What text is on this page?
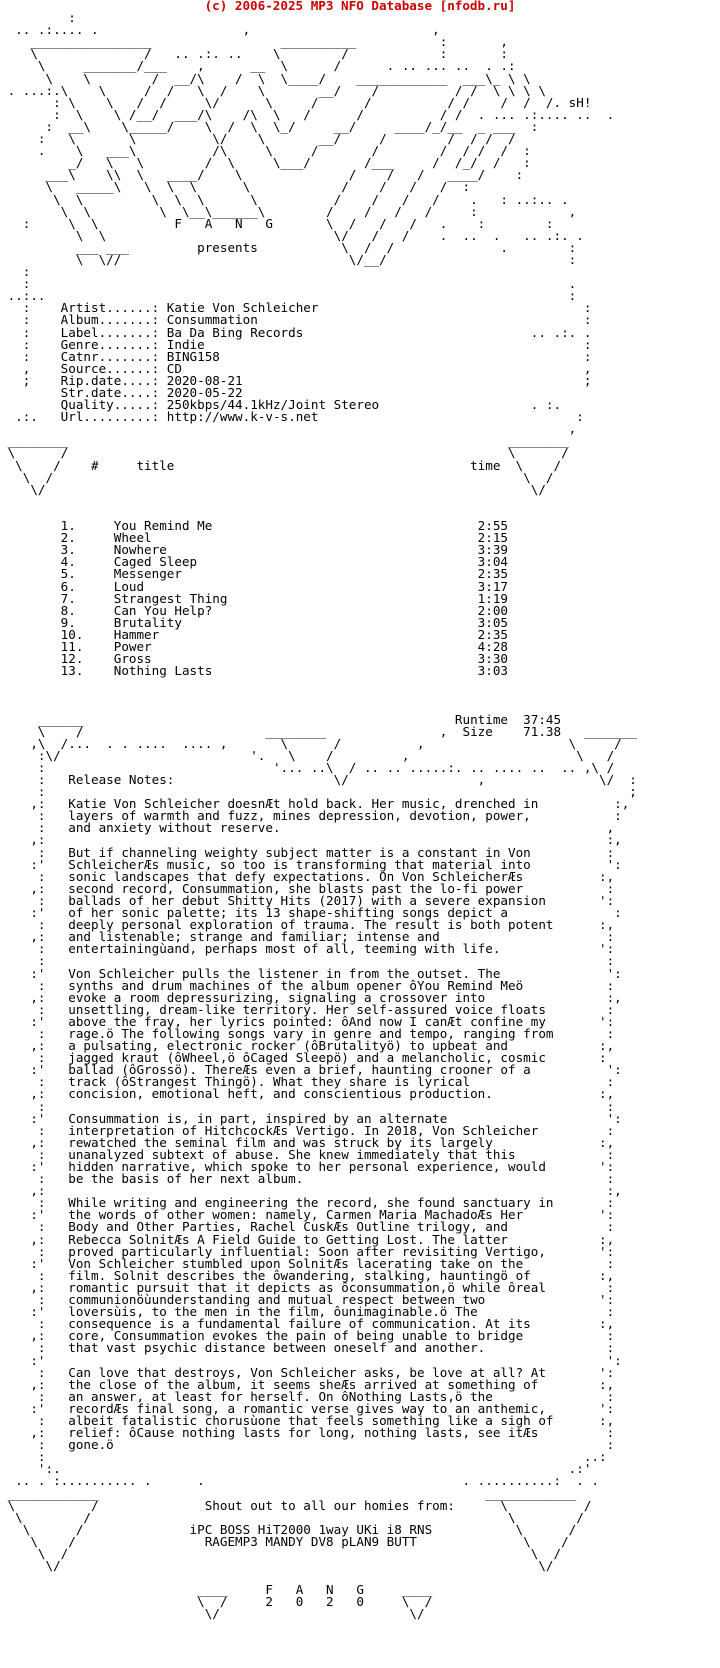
(c) 2006-2025 MP3 NFO Database [nfodb.ru]
:
.. .:.... .                   ,                        ,
________________                 __________           :       ,
\              /   .. .:. ..    \        /            :       :
\     _______/___    ,      __  \      /      . .. ... ..  . .:
\    \        /  __/\    /  \  \____/    ____________  ___\_ \ \
. ...:.\    \     /  /   \  /    \       __/    /          / /  \ \ \ \
: \    \   /  /     \/      \     /      /          / /    /  /  /. sH!
:  \    \ /__/  ___/\    /\  \   /      /          / /  . ... .:.... ..  .
:  __\    \_____/    \  /  \  \_/     __/     ____/_/__  _ ___  :
:   \       \          \/    \       __/     /        /  / /  /
.    \   ___\          /\     \     /       /        /  / /  /  :
_/   \   \        /  \     \___/       /___     /  /_/  /   :
___\    \\  \   ____/    \              /    /   /   ____/    :
\   _____\   \  \  \      \            /    /   /   /  :
\  \         \  \  \      \          /    /   /   /    .   : ..:.. .
\  \         \  \__\______\        /    /   /   /     :            ,
:     \  \          F   A   N   G       \  /   /   /   .    :        :
\  \                              \/   /   /    .  ..  .   .. .:. .
___ ___         presents           \  /  /              .        :
\  \//                              \/__/                        :
:
:                                                                       .
..:..                                                                     :
:    Artist......: Katie Von Schleicher                                   :
:    Album.......: Consummation                                           :
:    Label.......: Ba Da Bing Records                              .. .:. .
:    Genre.......: Indie                                                  :
:    Catnr.......: BING158                                                :
,    Source......: CD                                                     ,
;    Rip.date....: 2020-08-21                                             ;
Str.date....: 2020-05-22
Quality.....: 250kbps/44.1kHz/Joint Stereo                    . :.
.:.   Url.........: http://www.k-v-s.net                                  :
,
________                                                          ________
\      /                                                          \      /
\    /    #     title                                       time  \    /
\  /                                                              \  /
\/                                                                \/
1.     You Remind Me                                   2:55
2.     Wheel                                           2:15
3.     Nowhere                                         3:39
4.     Caged Sleep                                     3:04
5.     Messenger                                       2:35
6.     Loud                                            3:17
7.     Strangest Thing                                 1:19
8.     Can You Help?                                   2:00
9.     Brutality                                       3:05
10.    Hammer                                          2:35
11.    Power                                           4:28
12.    Gross                                           3:30
13.    Nothing Lasts                                   3:03
______                                                 Runtime  37:45
\    /                        ________               ,  Size    71.38   _______
,\  /...  . . ....  .... ,       \      /          ,                   \     /
:\/                         '.   \    /         ,                      \   /
:                              '... ..\  / .. .. .....:. .. .... ..  .. ,\ /
:   Release Notes:                     \/                 ,               \/  :
:                                                                             ;
,:   Katie Von Schleicher doesnÆt hold back. Her music, drenched in          :,
:   layers of warmth and fuzz, mines depression, devotion, power,           :
:   and anxiety without reserve.                                           ,
,:                                                                          :,
:   But if channeling weighty subject matter is a constant in Von          :
:'   SchleicherÆs music, so too is transforming that material into          ':
:   sonic landscapes that defy expectations. On Von SchleicherÆs          :,
,:   second record, Consummation, she blasts past the lo-fi power           :
:   ballads of her debut Shitty Hits (2017) with a severe expansion       ':
:'   of her sonic palette; its 13 shape-shifting songs depict a              :
:   deeply personal exploration of trauma. The result is both potent      :,
,:   and listenable; strange and familiar; intense and                      :
:   entertainingùand, perhaps most of all, teeming with life.             ':
:                                                                          :
:'   Von Schleicher pulls the listener in from the outset. The              ':
:   synths and drum machines of the album opener ôYou Remind Meö           :
,:   evoke a room depressurizing, signaling a crossover into                :,
:   unsettling, dream-like territory. Her self-assured voice floats        :
:'   above the fray, her lyrics pointed: ôAnd now I canÆt confine my       ':
:   rage.ö The following songs vary in genre and tempo, ranging from       :
,:   a pulsating, electronic rocker (ôBrutalityö) to upbeat and            :,
:   jagged kraut (ôWheel,ö ôCaged Sleepö) and a melancholic, cosmic       :
:'   ballad (ôGrossö). ThereÆs even a brief, haunting crooner of a          ':
:   track (ôStrangest Thingö). What they share is lyrical                  :
,:   concision, emotional heft, and conscientious production.              :,
:                                                                          :
:'   Consummation is, in part, inspired by an alternate                     ':
:   interpretation of HitchcockÆs Vertigo. In 2018, Von Schleicher         :
,:   rewatched the seminal film and was struck by its largely              :,
:   unanalyzed subtext of abuse. She knew immediately that this            :
:'   hidden narrative, which spoke to her personal experience, would       ':
:   be the basis of her next album.                                        :
,:                                                                          :,
:   While writing and engineering the record, she found sanctuary in       :
:'   the words of other women: namely, Carmen Maria MachadoÆs Her          ':
:   Body and Other Parties, Rachel CuskÆs Outline trilogy, and             :
,:   Rebecca SolnitÆs A Field Guide to Getting Lost. The latter            :,
:   proved particularly influential: Soon after revisiting Vertigo,       ':
:'   Von Schleicher stumbled upon SolnitÆs lacerating take on the           :
:   film. Solnit describes the ôwandering, stalking, hauntingö of         :,
,:   romantic pursuit that it depicts as ôconsummation,ö while ôreal        :
:   communionöùunderstanding and mutual respect between two               ':
:'   loversùis, to the men in the film, ôunimaginable.ö The                 :
:   consequence is a fundamental failure of communication. At its         :,
,:   core, Consummation evokes the pain of being unable to bridge           :
:   that vast psychic distance between oneself and another.                :
:'                                                                          ':
:   Can love that destroys, Von Schleicher asks, be love at all? At       ':
,:   the close of the album, it seems sheÆs arrived at something of        :,
:   an answer, at least for herself. On ôNothing Lasts,ö the               :
:'   recordÆs final song, a romantic verse gives way to an anthemic,       ':
:   albeit fatalistic chorusùone that feels something like a sigh of      :,
,:   relief: ôCause nothing lasts for long, nothing lasts, see itÆs         :
:   gone.ö                                                                 :
:                                                                       ..:
':.                                                                   .:'
.. . :.......... .      .                                  . ..........:  . .
____________                                                   ____________
\          /              Shout out to all our homies from:      \          /
\        /                                                       \        /
\      /              iPC BOSS HiT2000 1way UKi i8 RNS           \      /
\    /                 RAGEMP3 MANDY DV8 pLAN9 BUTT              \    /
\  /                                                             \  /
\/                                                               \/
____     F   A   N   G     ____
\  /     2   0   2   0     \  /
\/                         \/
